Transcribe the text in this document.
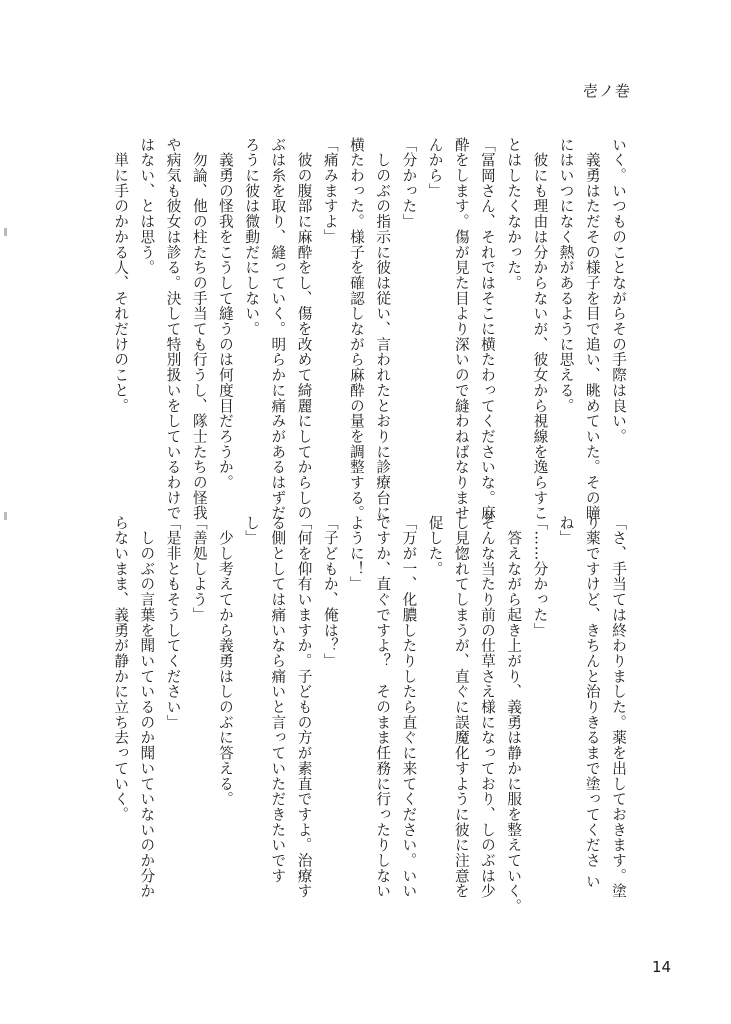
壱ノ巻
いく。いつものことながらその手際は良い。
　義勇はただその様子を目で追い、眺めていた。その瞳
にはいつになく熱があるように思える。
　彼にも理由は分からないが、彼女から視線を逸らすこ
とはしたくなかった。
「冨岡さん、それではそこに横たわってくださいな。麻
酔をします。傷が見た目より深いので縫わねばなりませ
んから」
「分かった」
　しのぶの指示に彼は従い、言われたとおりに診療台に
横たわった。様子を確認しながら麻酔の量を調整する。
「痛みますよ」
　彼の腹部に麻酔をし、傷を改めて綺麗にしてからしの
ぶは糸を取り、縫っていく。明らかに痛みがあるはずだ
ろうに彼は微動だにしない。
　義勇の怪我をこうして縫うのは何度目だろうか。
　勿論、他の柱たちの手当ても行うし、隊士たちの怪我
や病気も彼女は診る。決して特別扱いをしているわけで
はない、とは思う。
　単に手のかかる人、それだけのこと。
「さ、手当ては終わりました。薬を出しておきます。塗
り薬ですけど、きちんと治りきるまで塗ってくださ い
ね」
「……分かった」
　答えながら起き上がり、義勇は静かに服を整えていく。
そんな当たり前の仕草さえ様になっており、しのぶは少
し見惚れてしまうが、直ぐに誤魔化すように彼に注意を
促した。
「万が一、化膿したりしたら直ぐに来てください。いい
ですか、直ぐですよ？　そのまま任務に行ったりしない
ように！」
「子どもか、俺は？」
「何を仰有いますか。子どもの方が素直ですよ。治療す
る側としては痛いなら痛いと言っていただきたいです
し」
　少し考えてから義勇はしのぶに答える。
「善処しよう」
「是非ともそうしてください」
　しのぶの言葉を聞いているのか聞いていないのか分か
らないまま、義勇が静かに立ち去っていく。
14
